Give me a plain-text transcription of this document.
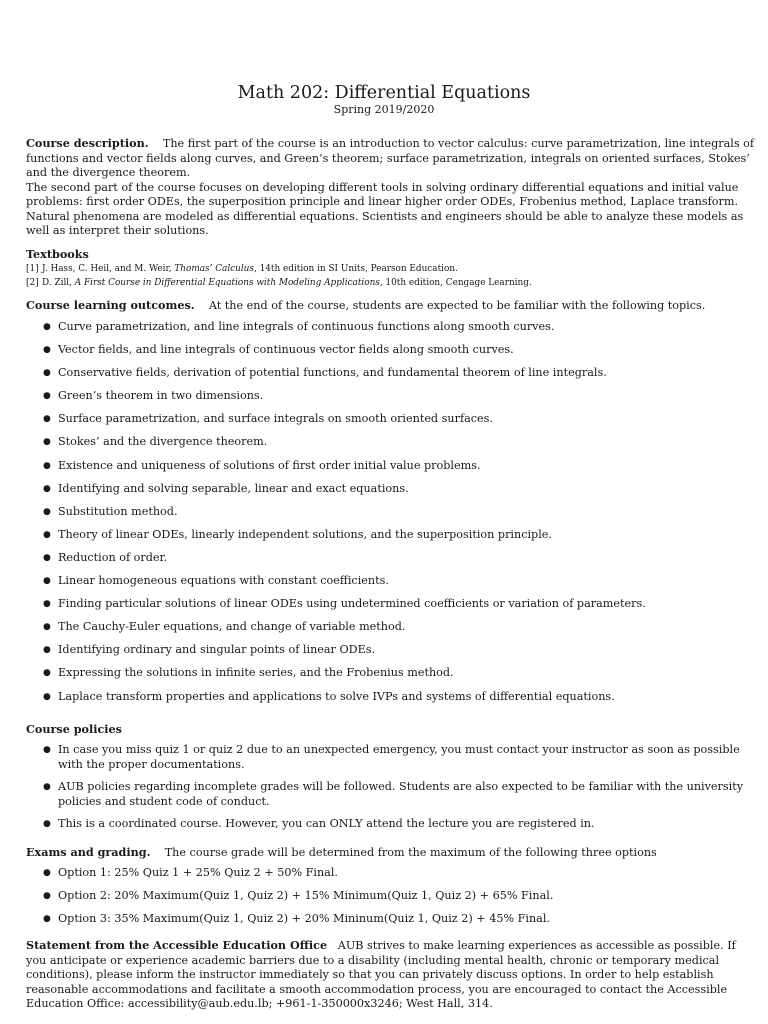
Math 202: Differential Equations
Spring 2019/2020
Course description. The first part of the course is an introduction to vector calculus: curve parametrization, line integrals of
functions and vector fields along curves, and Green’s theorem; surface parametrization, integrals on oriented surfaces, Stokes’
and the divergence theorem.
The second part of the course focuses on developing different tools in solving ordinary differential equations and initial value
problems: first order ODEs, the superposition principle and linear higher order ODEs, Frobenius method, Laplace transform.
Natural phenomena are modeled as differential equations. Scientists and engineers should be able to analyze these models as
well as interpret their solutions.
Textbooks
[1] J. Hass, C. Heil, and M. Weir, Thomas’ Calculus, 14th edition in SI Units, Pearson Education.
[2] D. Zill, A First Course in Differential Equations with Modeling Applications, 10th edition, Cengage Learning.
Course learning outcomes. At the end of the course, students are expected to be familiar with the following topics.
● Curve parametrization, and line integrals of continuous functions along smooth curves.
● Vector fields, and line integrals of continuous vector fields along smooth curves.
● Conservative fields, derivation of potential functions, and fundamental theorem of line integrals.
● Green’s theorem in two dimensions.
● Surface parametrization, and surface integrals on smooth oriented surfaces.
● Stokes’ and the divergence theorem.
● Existence and uniqueness of solutions of first order initial value problems.
● Identifying and solving separable, linear and exact equations.
● Substitution method.
● Theory of linear ODEs, linearly independent solutions, and the superposition principle.
● Reduction of order.
● Linear homogeneous equations with constant coefficients.
● Finding particular solutions of linear ODEs using undetermined coefficients or variation of parameters.
● The Cauchy-Euler equations, and change of variable method.
● Identifying ordinary and singular points of linear ODEs.
● Expressing the solutions in infinite series, and the Frobenius method.
● Laplace transform properties and applications to solve IVPs and systems of differential equations.
Course policies
● In case you miss quiz 1 or quiz 2 due to an unexpected emergency, you must contact your instructor as soon as possible
with the proper documentations.
● AUB policies regarding incomplete grades will be followed. Students are also expected to be familiar with the university
policies and student code of conduct.
● This is a coordinated course. However, you can ONLY attend the lecture you are registered in.
Exams and grading. The course grade will be determined from the maximum of the following three options
● Option 1: 25% Quiz 1 + 25% Quiz 2 + 50% Final.
● Option 2: 20% Maximum(Quiz 1, Quiz 2) + 15% Minimum(Quiz 1, Quiz 2) + 65% Final.
● Option 3: 35% Maximum(Quiz 1, Quiz 2) + 20% Mininum(Quiz 1, Quiz 2) + 45% Final.
Statement from the Accessible Education Office AUB strives to make learning experiences as accessible as possible. If
you anticipate or experience academic barriers due to a disability (including mental health, chronic or temporary medical
conditions), please inform the instructor immediately so that you can privately discuss options. In order to help establish
reasonable accommodations and facilitate a smooth accommodation process, you are encouraged to contact the Accessible
Education Office: accessibility@aub.edu.lb; +961-1-350000x3246; West Hall, 314.
